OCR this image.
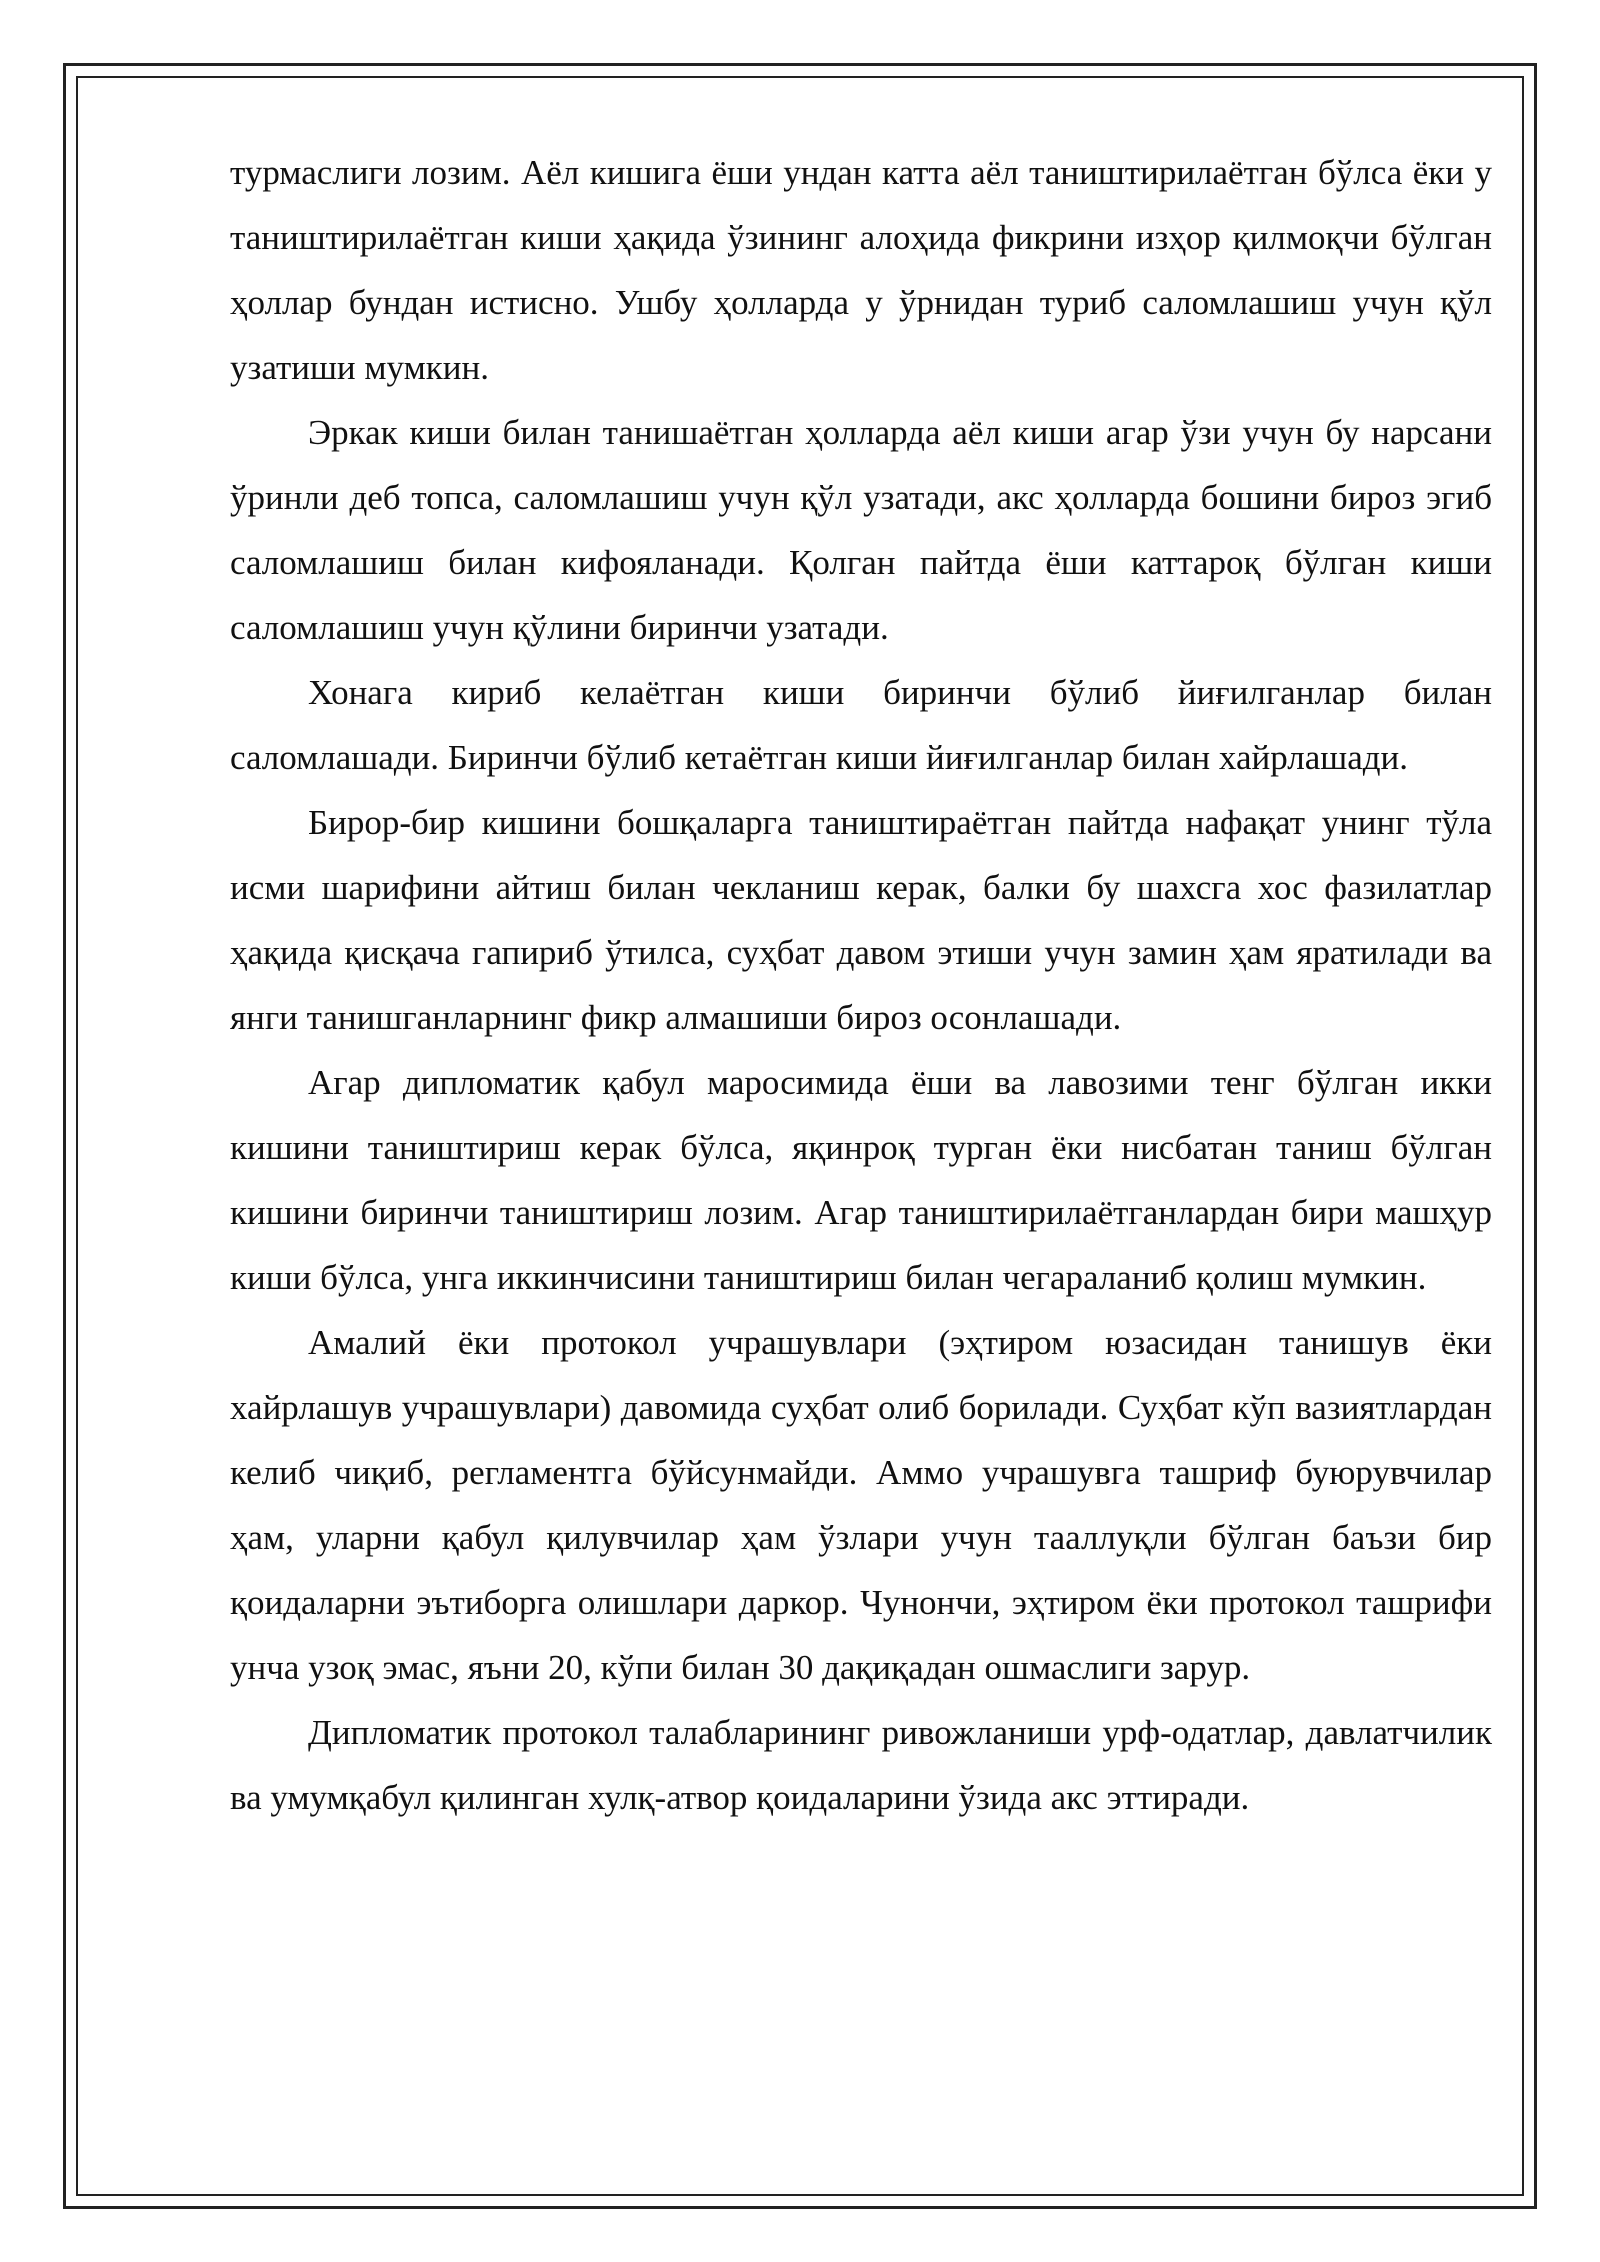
турмаслиги лозим. Аёл кишига ёши ундан катта аёл таништирилаётган бўлса ёки у таништирилаётган киши ҳақида ўзининг алоҳида фикрини изҳор қилмоқчи бўлган ҳоллар бундан истисно. Ушбу ҳолларда у ўрнидан туриб саломлашиш учун қўл узатиши мумкин.

Эркак киши билан танишаётган ҳолларда аёл киши агар ўзи учун бу нарсани ўринли деб топса, саломлашиш учун қўл узатади, акс ҳолларда бошини бироз эгиб саломлашиш билан кифояланади. Қолган пайтда ёши каттароқ бўлган киши саломлашиш учун қўлини биринчи узатади.

Хонага кириб келаётган киши биринчи бўлиб йиғилганлар билан саломлашади. Биринчи бўлиб кетаётган киши йиғилганлар билан хайрлашади.

Бирор-бир кишини бошқаларга таништираётган пайтда нафақат унинг тўла исми шарифини айтиш билан чекланиш керак, балки бу шахсга хос фазилатлар ҳақида қисқача гапириб ўтилса, суҳбат давом этиши учун замин ҳам яратилади ва янги танишганларнинг фикр алмашиши бироз осонлашади.

Агар дипломатик қабул маросимида ёши ва лавозими тенг бўлган икки кишини таништириш керак бўлса, яқинроқ турган ёки нисбатан таниш бўлган кишини биринчи таништириш лозим. Агар таништирилаётганлардан бири машҳур киши бўлса, унга иккинчисини таништириш билан чегараланиб қолиш мумкин.

Амалий ёки протокол учрашувлари (эҳтиром юзасидан танишув ёки хайрлашув учрашувлари) давомида суҳбат олиб борилади. Суҳбат кўп вазиятлардан келиб чиқиб, регламентга бўйсунмайди. Аммо учрашувга ташриф буюрувчилар ҳам, уларни қабул қилувчилар ҳам ўзлари учун тааллуқли бўлган баъзи бир қоидаларни эътиборга олишлари даркор. Чунончи, эҳтиром ёки протокол ташрифи унча узоқ эмас, яъни 20, кўпи билан 30 дақиқадан ошмаслиги зарур.

Дипломатик протокол талабларининг ривожланиши урф-одатлар, давлатчилик ва умумқабул қилинган хулқ-атвор қоидаларини ўзида акс эттиради.
